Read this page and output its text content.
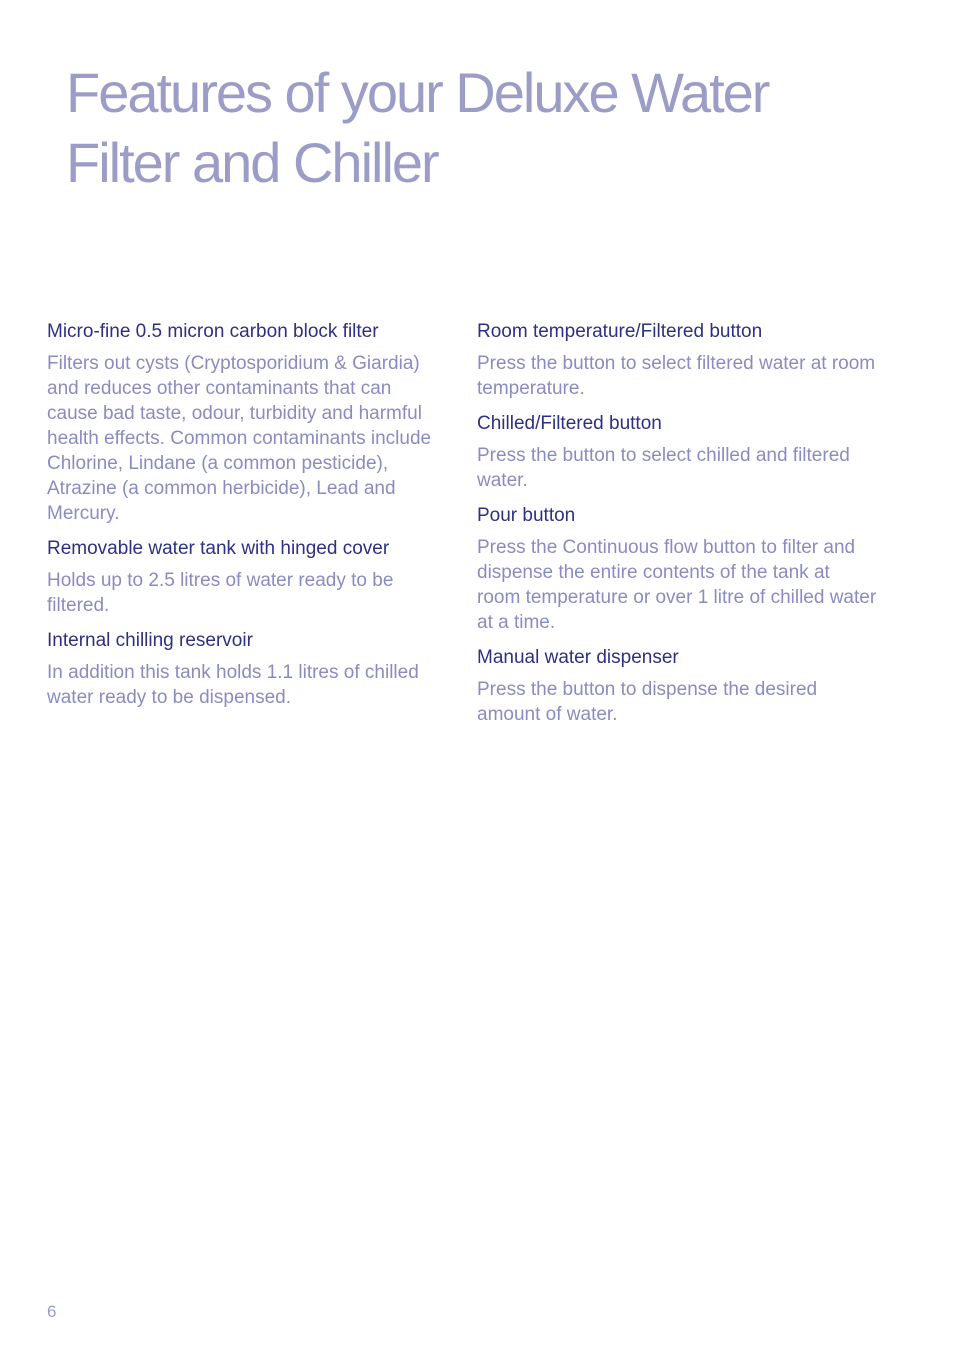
Features of your Deluxe Water Filter and Chiller
Micro-fine 0.5 micron carbon block filter

Filters out cysts (Cryptosporidium & Giardia)
and reduces other contaminants that can
cause bad taste, odour, turbidity and harmful
health effects. Common contaminants include
Chlorine, Lindane (a common pesticide),
Atrazine (a common herbicide), Lead and
Mercury.

Removable water tank with hinged cover

Holds up to 2.5 litres of water ready to be
filtered.

Internal chilling reservoir

In addition this tank holds 1.1 litres of chilled
water ready to be dispensed.

Room temperature/Filtered button

Press the button to select filtered water at room
temperature.

Chilled/Filtered button

Press the button to select chilled and filtered
water.

Pour button

Press the Continuous flow button to filter and
dispense the entire contents of the tank at
room temperature or over 1 litre of chilled water
at a time.

Manual water dispenser

Press the button to dispense the desired
amount of water.

6
